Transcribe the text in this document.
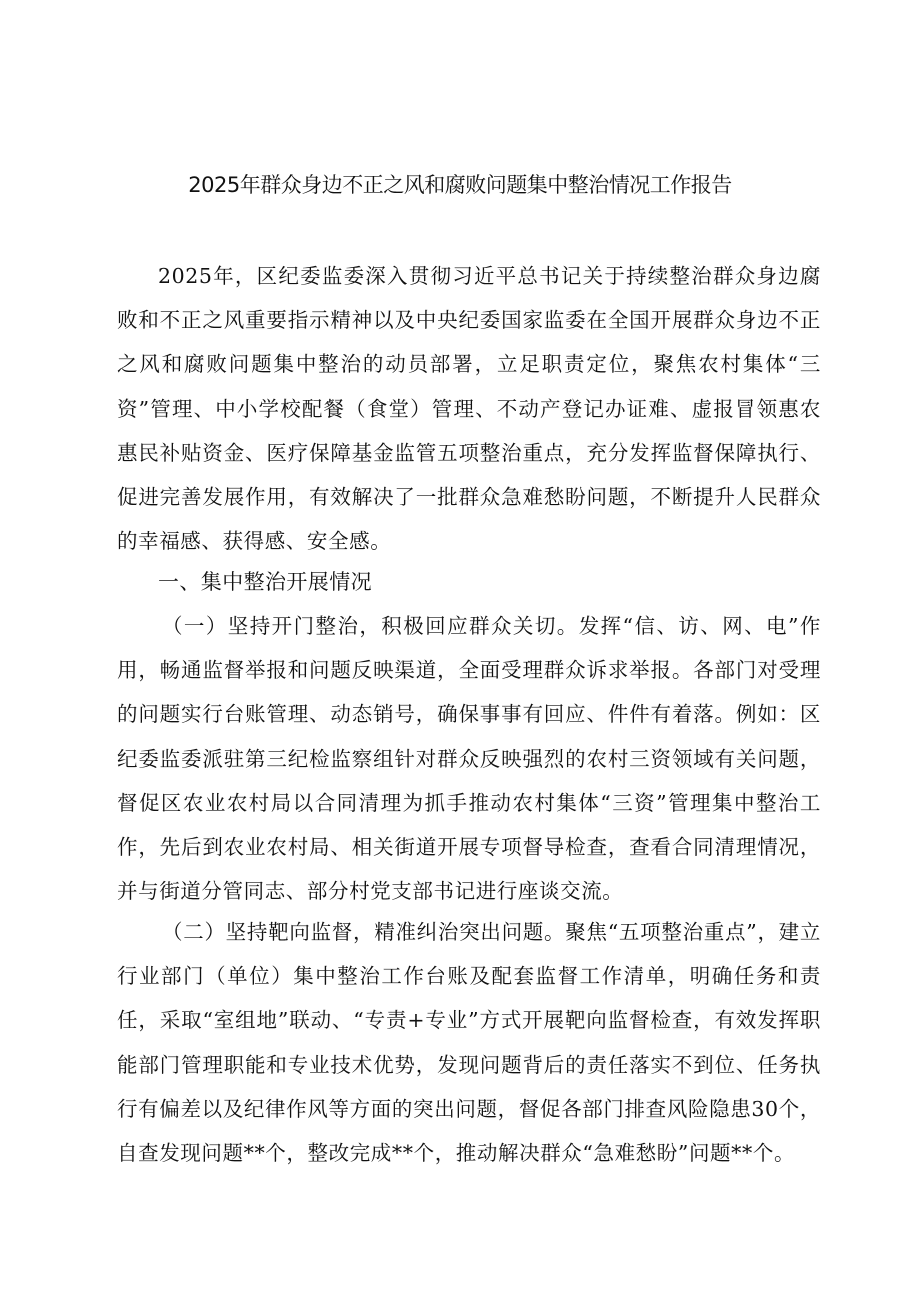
2025年群众身边不正之风和腐败问题集中整治情况工作报告

2025年，区纪委监委深入贯彻习近平总书记关于持续整治群众身边腐败和不正之风重要指示精神以及中央纪委国家监委在全国开展群众身边不正之风和腐败问题集中整治的动员部署，立足职责定位，聚焦农村集体“三资”管理、中小学校配餐（食堂）管理、不动产登记办证难、虚报冒领惠农惠民补贴资金、医疗保障基金监管五项整治重点，充分发挥监督保障执行、促进完善发展作用，有效解决了一批群众急难愁盼问题，不断提升人民群众的幸福感、获得感、安全感。

一、集中整治开展情况

（一）坚持开门整治，积极回应群众关切。发挥“信、访、网、电”作用，畅通监督举报和问题反映渠道，全面受理群众诉求举报。各部门对受理的问题实行台账管理、动态销号，确保事事有回应、件件有着落。例如：区纪委监委派驻第三纪检监察组针对群众反映强烈的农村三资领域有关问题，督促区农业农村局以合同清理为抓手推动农村集体“三资”管理集中整治工作，先后到农业农村局、相关街道开展专项督导检查，查看合同清理情况，并与街道分管同志、部分村党支部书记进行座谈交流。

（二）坚持靶向监督，精准纠治突出问题。聚焦“五项整治重点”，建立行业部门（单位）集中整治工作台账及配套监督工作清单，明确任务和责任，采取“室组地”联动、“专责+专业”方式开展靶向监督检查，有效发挥职能部门管理职能和专业技术优势，发现问题背后的责任落实不到位、任务执行有偏差以及纪律作风等方面的突出问题，督促各部门排查风险隐患30个，自查发现问题**个，整改完成**个，推动解决群众“急难愁盼”问题**个。
